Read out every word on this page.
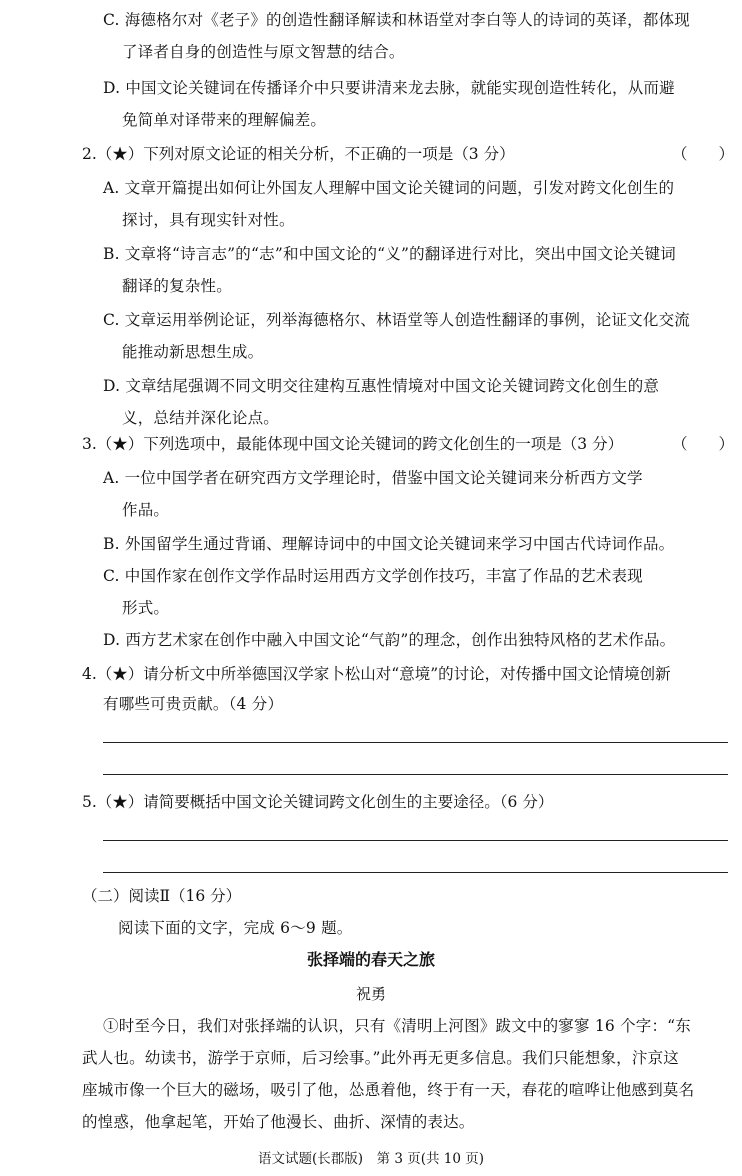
C. 海德格尔对《老子》的创造性翻译解读和林语堂对李白等人的诗词的英译，都体现
了译者自身的创造性与原文智慧的结合。
D. 中国文论关键词在传播译介中只要讲清来龙去脉，就能实现创造性转化，从而避
免简单对译带来的理解偏差。
2.（★）下列对原文论证的相关分析，不正确的一项是（3 分）	（　　）
A. 文章开篇提出如何让外国友人理解中国文论关键词的问题，引发对跨文化创生的
探讨，具有现实针对性。
B. 文章将“诗言志”的“志”和中国文论的“义”的翻译进行对比，突出中国文论关键词
翻译的复杂性。
C. 文章运用举例论证，列举海德格尔、林语堂等人创造性翻译的事例，论证文化交流
能推动新思想生成。
D. 文章结尾强调不同文明交往建构互惠性情境对中国文论关键词跨文化创生的意
义，总结并深化论点。
3.（★）下列选项中，最能体现中国文论关键词的跨文化创生的一项是（3 分）	（　　）
A. 一位中国学者在研究西方文学理论时，借鉴中国文论关键词来分析西方文学
作品。
B. 外国留学生通过背诵、理解诗词中的中国文论关键词来学习中国古代诗词作品。
C. 中国作家在创作文学作品时运用西方文学创作技巧，丰富了作品的艺术表现
形式。
D. 西方艺术家在创作中融入中国文论“气韵”的理念，创作出独特风格的艺术作品。
4.（★）请分析文中所举德国汉学家卜松山对“意境”的讨论，对传播中国文论情境创新
有哪些可贵贡献。（4 分）
5.（★）请简要概括中国文论关键词跨文化创生的主要途径。（6 分）
（二）阅读Ⅱ（16 分）
阅读下面的文字，完成 6～9 题。
张择端的春天之旅
祝勇
①时至今日，我们对张择端的认识，只有《清明上河图》跋文中的寥寥 16 个字：“东
武人也。幼读书，游学于京师，后习绘事。”此外再无更多信息。我们只能想象，汴京这
座城市像一个巨大的磁场，吸引了他，怂恿着他，终于有一天，春花的喧哗让他感到莫名
的惶惑，他拿起笔，开始了他漫长、曲折、深情的表达。
语文试题(长郡版)　第 3 页(共 10 页)
